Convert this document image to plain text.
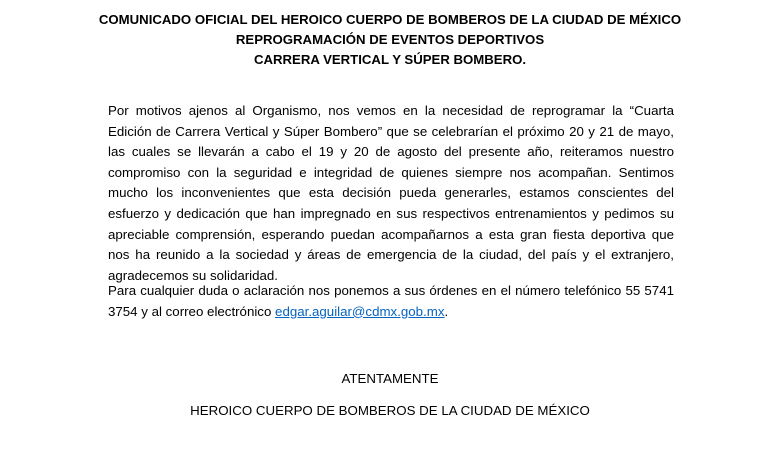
COMUNICADO OFICIAL DEL HEROICO CUERPO DE BOMBEROS DE LA CIUDAD DE MÉXICO
REPROGRAMACIÓN DE EVENTOS DEPORTIVOS
CARRERA VERTICAL Y SÚPER BOMBERO.

Por motivos ajenos al Organismo, nos vemos en la necesidad de reprogramar la “Cuarta Edición de Carrera Vertical y Súper Bombero” que se celebrarían el próximo 20 y 21 de mayo, las cuales se llevarán a cabo el 19 y 20 de agosto del presente año, reiteramos nuestro compromiso con la seguridad e integridad de quienes siempre nos acompañan. Sentimos mucho los inconvenientes que esta decisión pueda generarles, estamos conscientes del esfuerzo y dedicación que han impregnado en sus respectivos entrenamientos y pedimos su apreciable comprensión, esperando puedan acompañarnos a esta gran fiesta deportiva que nos ha reunido a la sociedad y áreas de emergencia de la ciudad, del país y el extranjero, agradecemos su solidaridad.

Para cualquier duda o aclaración nos ponemos a sus órdenes en el número telefónico 55 5741 3754 y al correo electrónico edgar.aguilar@cdmx.gob.mx.

ATENTAMENTE
HEROICO CUERPO DE BOMBEROS DE LA CIUDAD DE MÉXICO
